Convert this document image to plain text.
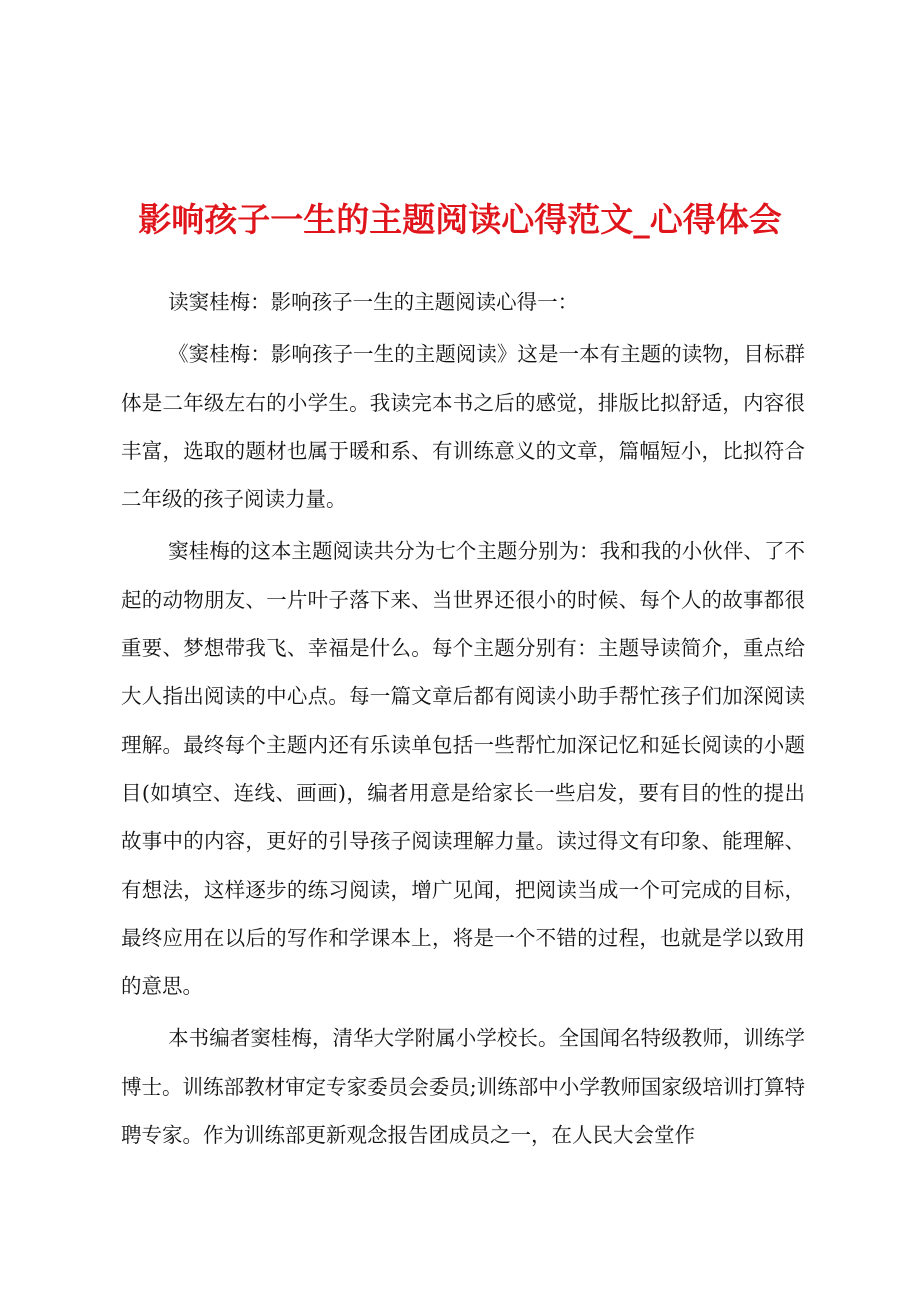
影响孩子一生的主题阅读心得范文_心得体会

读窦桂梅：影响孩子一生的主题阅读心得一：

《窦桂梅：影响孩子一生的主题阅读》这是一本有主题的读物，目标群体是二年级左右的小学生。我读完本书之后的感觉，排版比拟舒适，内容很丰富，选取的题材也属于暖和系、有训练意义的文章，篇幅短小，比拟符合二年级的孩子阅读力量。

窦桂梅的这本主题阅读共分为七个主题分别为：我和我的小伙伴、了不起的动物朋友、一片叶子落下来、当世界还很小的时候、每个人的故事都很重要、梦想带我飞、幸福是什么。每个主题分别有：主题导读简介，重点给大人指出阅读的中心点。每一篇文章后都有阅读小助手帮忙孩子们加深阅读理解。最终每个主题内还有乐读单包括一些帮忙加深记忆和延长阅读的小题目(如填空、连线、画画)，编者用意是给家长一些启发，要有目的性的提出故事中的内容，更好的引导孩子阅读理解力量。读过得文有印象、能理解、有想法，这样逐步的练习阅读，增广见闻，把阅读当成一个可完成的目标，最终应用在以后的写作和学课本上，将是一个不错的过程，也就是学以致用的意思。

本书编者窦桂梅，清华大学附属小学校长。全国闻名特级教师，训练学博士。训练部教材审定专家委员会委员;训练部中小学教师国家级培训打算特聘专家。作为训练部更新观念报告团成员之一，在人民大会堂作
